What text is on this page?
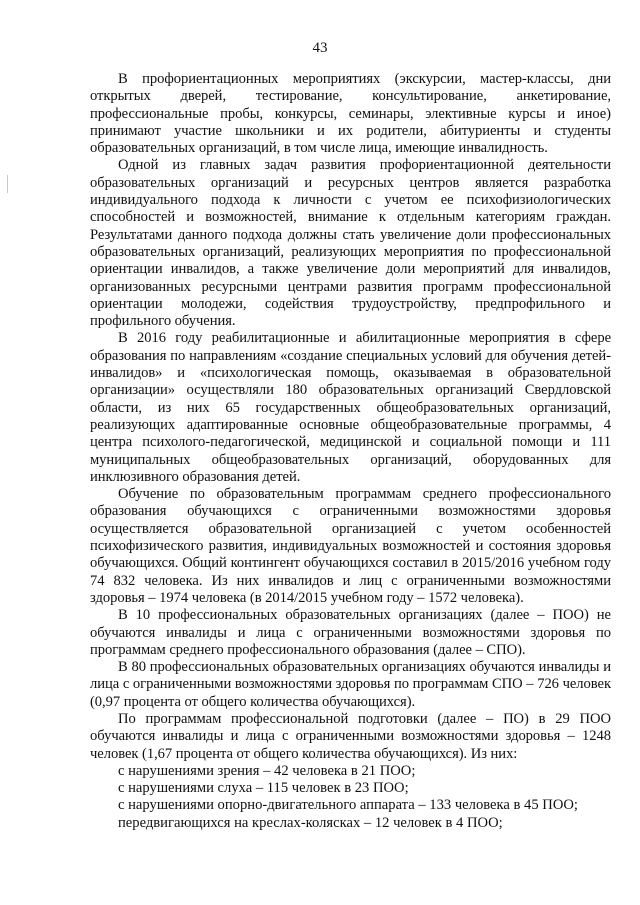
43

В профориентационных мероприятиях (экскурсии, мастер-классы, дни открытых дверей, тестирование, консультирование, анкетирование, профессиональные пробы, конкурсы, семинары, элективные курсы и иное) принимают участие школьники и их родители, абитуриенты и студенты образовательных организаций, в том числе лица, имеющие инвалидность.

Одной из главных задач развития профориентационной деятельности образовательных организаций и ресурсных центров является разработка индивидуального подхода к личности с учетом ее психофизиологических способностей и возможностей, внимание к отдельным категориям граждан. Результатами данного подхода должны стать увеличение доли профессиональных образовательных организаций, реализующих мероприятия по профессиональной ориентации инвалидов, а также увеличение доли мероприятий для инвалидов, организованных ресурсными центрами развития программ профессиональной ориентации молодежи, содействия трудоустройству, предпрофильного и профильного обучения.

В 2016 году реабилитационные и абилитационные мероприятия в сфере образования по направлениям «создание специальных условий для обучения детей-инвалидов» и «психологическая помощь, оказываемая в образовательной организации» осуществляли 180 образовательных организаций Свердловской области, из них 65 государственных общеобразовательных организаций, реализующих адаптированные основные общеобразовательные программы, 4 центра психолого-педагогической, медицинской и социальной помощи и 111 муниципальных общеобразовательных организаций, оборудованных для инклюзивного образования детей.

Обучение по образовательным программам среднего профессионального образования обучающихся с ограниченными возможностями здоровья осуществляется образовательной организацией с учетом особенностей психофизического развития, индивидуальных возможностей и состояния здоровья обучающихся. Общий контингент обучающихся составил в 2015/2016 учебном году 74 832 человека. Из них инвалидов и лиц с ограниченными возможностями здоровья – 1974 человека (в 2014/2015 учебном году – 1572 человека).

В 10 профессиональных образовательных организациях (далее – ПОО) не обучаются инвалиды и лица с ограниченными возможностями здоровья по программам среднего профессионального образования (далее – СПО).

В 80 профессиональных образовательных организациях обучаются инвалиды и лица с ограниченными возможностями здоровья по программам СПО – 726 человек (0,97 процента от общего количества обучающихся).

По программам профессиональной подготовки (далее – ПО) в 29 ПОО обучаются инвалиды и лица с ограниченными возможностями здоровья – 1248 человек (1,67 процента от общего количества обучающихся). Из них:

с нарушениями зрения – 42 человека в 21 ПОО;

с нарушениями слуха – 115 человек в 23 ПОО;

с нарушениями опорно-двигательного аппарата – 133 человека в 45 ПОО;

передвигающихся на креслах-колясках – 12 человек в 4 ПОО;
